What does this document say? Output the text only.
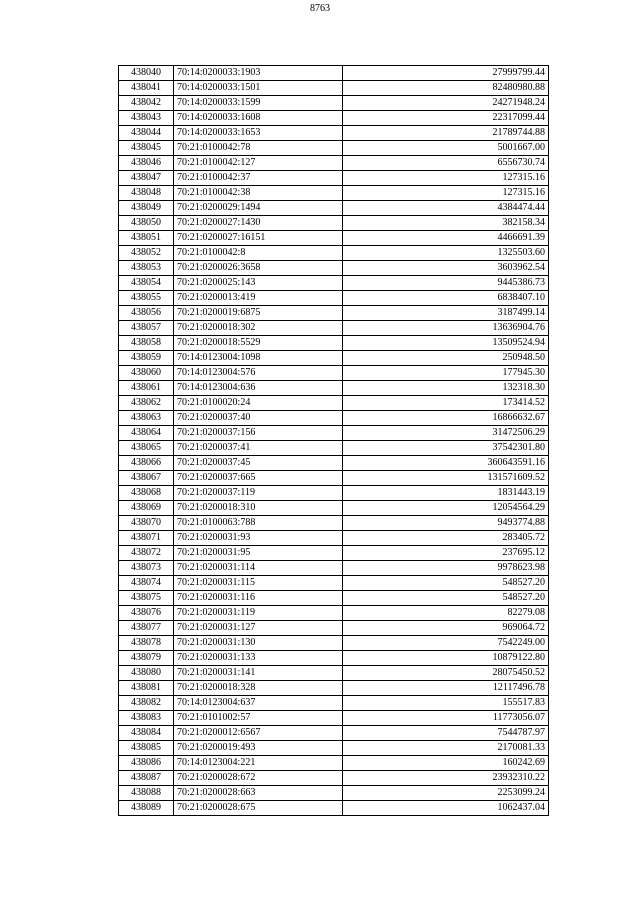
8763
438040	70:14:0200033:1903	27999799.44
438041	70:14:0200033:1501	82480980.88
438042	70:14:0200033:1599	24271948.24
438043	70:14:0200033:1608	22317099.44
438044	70:14:0200033:1653	21789744.88
438045	70:21:0100042:78	5001667.00
438046	70:21:0100042:127	6556730.74
438047	70:21:0100042:37	127315.16
438048	70:21:0100042:38	127315.16
438049	70:21:0200029:1494	4384474.44
438050	70:21:0200027:1430	382158.34
438051	70:21:0200027:16151	4466691.39
438052	70:21:0100042:8	1325503.60
438053	70:21:0200026:3658	3603962.54
438054	70:21:0200025:143	9445386.73
438055	70:21:0200013:419	6838407.10
438056	70:21:0200019:6875	3187499.14
438057	70:21:0200018:302	13636904.76
438058	70:21:0200018:5529	13509524.94
438059	70:14:0123004:1098	250948.50
438060	70:14:0123004:576	177945.30
438061	70:14:0123004:636	132318.30
438062	70:21:0100020:24	173414.52
438063	70:21:0200037:40	16866632.67
438064	70:21:0200037:156	31472506.29
438065	70:21:0200037:41	37542301.80
438066	70:21:0200037:45	360643591.16
438067	70:21:0200037:665	131571609.52
438068	70:21:0200037:119	1831443.19
438069	70:21:0200018:310	12054564.29
438070	70:21:0100063:788	9493774.88
438071	70:21:0200031:93	283405.72
438072	70:21:0200031:95	237695.12
438073	70:21:0200031:114	9978623.98
438074	70:21:0200031:115	548527.20
438075	70:21:0200031:116	548527.20
438076	70:21:0200031:119	82279.08
438077	70:21:0200031:127	969064.72
438078	70:21:0200031:130	7542249.00
438079	70:21:0200031:133	10879122.80
438080	70:21:0200031:141	28075450.52
438081	70:21:0200018:328	12117496.78
438082	70:14:0123004:637	155517.83
438083	70:21:0101002:57	11773056.07
438084	70:21:0200012:6567	7544787.97
438085	70:21:0200019:493	2170081.33
438086	70:14:0123004:221	160242.69
438087	70:21:0200028:672	23932310.22
438088	70:21:0200028:663	2253099.24
438089	70:21:0200028:675	1062437.04
